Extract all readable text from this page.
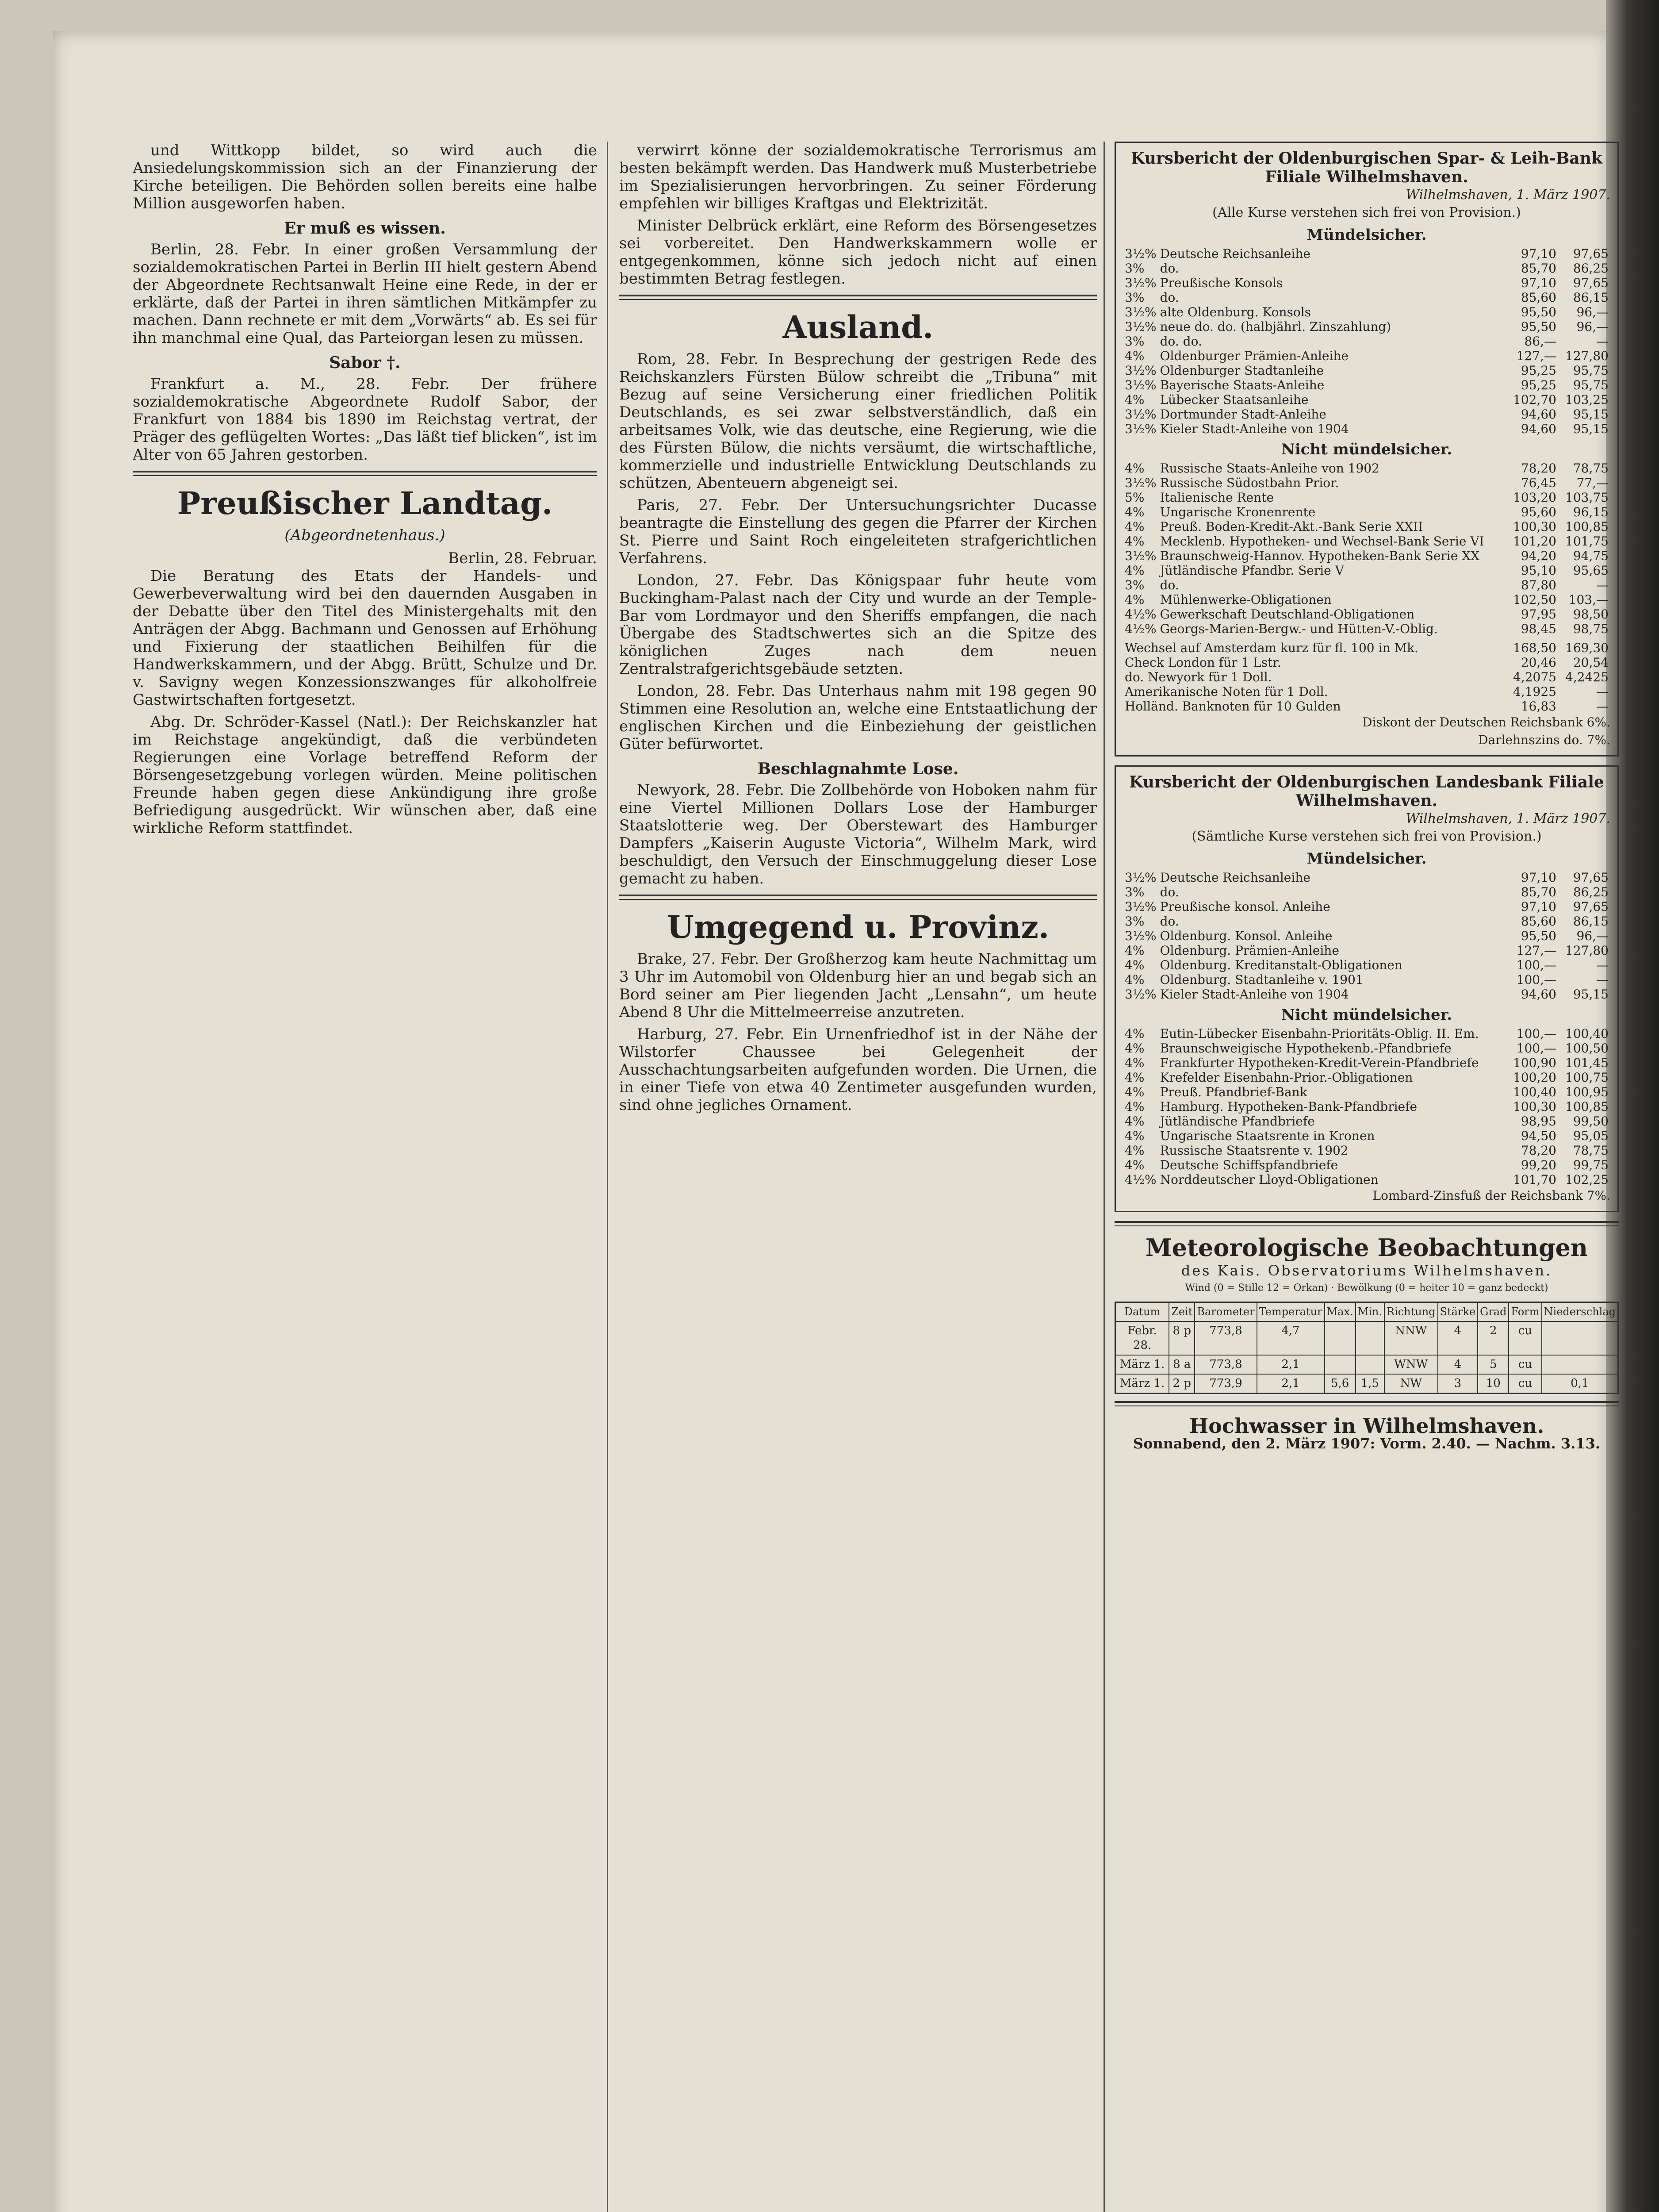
und Wittkopp bildet, so wird auch die Ansiedelungskommission sich an der Finanzierung der Kirche beteiligen. Die Behörden sollen bereits eine halbe Million ausgeworfen haben.

Er muß es wissen.

Berlin, 28. Febr. In einer großen Versammlung der sozialdemokratischen Partei in Berlin III hielt gestern Abend der Abgeordnete Rechtsanwalt Heine eine Rede, in der er erklärte, daß der Partei in ihren sämtlichen Mitkämpfer zu machen. Dann rechnete er mit dem „Vorwärts“ ab. Es sei für ihn manchmal eine Qual, das Parteiorgan lesen zu müssen.

Sabor †.

Frankfurt a. M., 28. Febr. Der frühere sozialdemokratische Abgeordnete Rudolf Sabor, der Frankfurt von 1884 bis 1890 im Reichstag vertrat, der Präger des geflügelten Wortes: „Das läßt tief blicken“, ist im Alter von 65 Jahren gestorben.

Preußischer Landtag.
(Abgeordnetenhaus.)
Berlin, 28. Februar.

Die Beratung des Etats der Handels- und Gewerbeverwaltung wird bei den dauernden Ausgaben in der Debatte über den Titel des Ministergehalts mit den Anträgen der Abgg. Bachmann und Genossen auf Erhöhung und Fixierung der staatlichen Beihilfen für die Handwerkskammern, und der Abgg. Brütt, Schulze und Dr. v. Savigny wegen Konzessionszwanges für alkoholfreie Gastwirtschaften fortgesetzt.

Abg. Dr. Schröder-Kassel (Natl.): Der Reichskanzler hat im Reichstage angekündigt, daß die verbündeten Regierungen eine Vorlage betreffend Reform der Börsengesetzgebung vorlegen würden. Meine politischen Freunde haben gegen diese Ankündigung ihre große Befriedigung ausgedrückt. Wir wünschen aber, daß eine wirkliche Reform stattfindet.

verwirrt könne der sozialdemokratische Terrorismus am besten bekämpft werden. Das Handwerk muß Musterbetriebe im Spezialisierungen hervorbringen. Zu seiner Förderung empfehlen wir billiges Kraftgas und Elektrizität.

Minister Delbrück erklärt, eine Reform des Börsengesetzes sei vorbereitet. Den Handwerkskammern wolle er entgegenkommen, könne sich jedoch nicht auf einen bestimmten Betrag festlegen.

Ausland.

Rom, 28. Febr. In Besprechung der gestrigen Rede des Reichskanzlers Fürsten Bülow schreibt die „Tribuna“ mit Bezug auf seine Versicherung einer friedlichen Politik Deutschlands, es sei zwar selbstverständlich, daß ein arbeitsames Volk, wie das deutsche, eine Regierung, wie die des Fürsten Bülow, die nichts versäumt, die wirtschaftliche, kommerzielle und industrielle Entwicklung Deutschlands zu schützen, Abenteuern abgeneigt sei.

Paris, 27. Febr. Der Untersuchungsrichter Ducasse beantragte die Einstellung des gegen die Pfarrer der Kirchen St. Pierre und Saint Roch eingeleiteten strafgerichtlichen Verfahrens.

London, 27. Febr. Das Königspaar fuhr heute vom Buckingham-Palast nach der City und wurde an der Temple-Bar vom Lordmayor und den Sheriffs empfangen, die nach Übergabe des Stadtschwertes sich an die Spitze des königlichen Zuges nach dem neuen Zentralstrafgerichtsgebäude setzten.

London, 28. Febr. Das Unterhaus nahm mit 198 gegen 90 Stimmen eine Resolution an, welche eine Entstaatlichung der englischen Kirchen und die Einbeziehung der geistlichen Güter befürwortet.

Beschlagnahmte Lose.

Newyork, 28. Febr. Die Zollbehörde von Hoboken nahm für eine Viertel Millionen Dollars Lose der Hamburger Staatslotterie weg. Der Oberstewart des Hamburger Dampfers „Kaiserin Auguste Victoria“, Wilhelm Mark, wird beschuldigt, den Versuch der Einschmuggelung dieser Lose gemacht zu haben.

Umgegend u. Provinz.

Brake, 27. Febr. Der Großherzog kam heute Nachmittag um 3 Uhr im Automobil von Oldenburg hier an und begab sich an Bord seiner am Pier liegenden Jacht „Lensahn“, um heute Abend 8 Uhr die Mittelmeerreise anzutreten.

Harburg, 27. Febr. Ein Urnenfriedhof ist in der Nähe der Wilstorfer Chaussee bei Gelegenheit der Ausschachtungsarbeiten aufgefunden worden. Die Urnen, die in einer Tiefe von etwa 40 Zentimeter ausgefunden wurden, sind ohne jegliches Ornament.

Kursbericht der Oldenburgischen Spar- & Leih-Bank Filiale Wilhelmshaven.
Wilhelmshaven, 1. März 1907.
(Alle Kurse verstehen sich frei von Provision.)
Mündelsicher.
3½%	Deutsche Reichsanleihe	97,10	97,65
3%	do.	85,70	86,25
3½%	Preußische Konsols	97,10	97,65
3%	do.	85,60	86,15
3½%	alte Oldenburg. Konsols	95,50	96,—
3½%	neue do. do. (halbjährl. Zinszahlung)	95,50	96,—
3%	do. do.	86,—	—
4%	Oldenburger Prämien-Anleihe	127,—	127,80
3½%	Oldenburger Stadtanleihe	95,25	95,75
3½%	Bayerische Staats-Anleihe	95,25	95,75
4%	Lübecker Staatsanleihe	102,70	103,25
3½%	Dortmunder Stadt-Anleihe	94,60	95,15
3½%	Kieler Stadt-Anleihe von 1904	94,60	95,15
Nicht mündelsicher.
4%	Russische Staats-Anleihe von 1902	78,20	78,75
3½%	Russische Südostbahn Prior.	76,45	77,—
5%	Italienische Rente	103,20	103,75
4%	Ungarische Kronenrente	95,60	96,15
4%	Preuß. Boden-Kredit-Akt.-Bank Serie XXII	100,30	100,85
4%	Mecklenb. Hypotheken- und Wechsel-Bank Serie VI	101,20	101,75
3½%	Braunschweig-Hannov. Hypotheken-Bank Serie XX	94,20	94,75
4%	Jütländische Pfandbr. Serie V	95,10	95,65
3%	do.	87,80	—
4%	Mühlenwerke-Obligationen	102,50	103,—
4½%	Gewerkschaft Deutschland-Obligationen	97,95	98,50
4½%	Georgs-Marien-Bergw.- und Hütten-V.-Oblig.	98,45	98,75
Wechsel auf Amsterdam kurz für fl. 100 in Mk.	168,50	169,30
Check London für 1 Lstr.	20,46	20,54
do. Newyork für 1 Doll.	4,2075	4,2425
Amerikanische Noten für 1 Doll.	4,1925	—
Holländ. Banknoten für 10 Gulden	16,83	—
Diskont der Deutschen Reichsbank 6%.
Darlehnszins do. 7%.
Kursbericht der Oldenburgischen Landesbank Filiale Wilhelmshaven.
Wilhelmshaven, 1. März 1907.
(Sämtliche Kurse verstehen sich frei von Provision.)
Mündelsicher.
3½%	Deutsche Reichsanleihe	97,10	97,65
3%	do.	85,70	86,25
3½%	Preußische konsol. Anleihe	97,10	97,65
3%	do.	85,60	86,15
3½%	Oldenburg. Konsol. Anleihe	95,50	96,—
4%	Oldenburg. Prämien-Anleihe	127,—	127,80
4%	Oldenburg. Kreditanstalt-Obligationen	100,—	—
4%	Oldenburg. Stadtanleihe v. 1901	100,—	—
3½%	Kieler Stadt-Anleihe von 1904	94,60	95,15
Nicht mündelsicher.
4%	Eutin-Lübecker Eisenbahn-Prioritäts-Oblig. II. Em.	100,—	100,40
4%	Braunschweigische Hypothekenb.-Pfandbriefe	100,—	100,50
4%	Frankfurter Hypotheken-Kredit-Verein-Pfandbriefe	100,90	101,45
4%	Krefelder Eisenbahn-Prior.-Obligationen	100,20	100,75
4%	Preuß. Pfandbrief-Bank	100,40	100,95
4%	Hamburg. Hypotheken-Bank-Pfandbriefe	100,30	100,85
4%	Jütländische Pfandbriefe	98,95	99,50
4%	Ungarische Staatsrente in Kronen	94,50	95,05
4%	Russische Staatsrente v. 1902	78,20	78,75
4%	Deutsche Schiffspfandbriefe	99,20	99,75
4½%	Norddeutscher Lloyd-Obligationen	101,70	102,25
Lombard-Zinsfuß der Reichsbank 7%.
Meteorologische Beobachtungen
des Kais. Observatoriums Wilhelmshaven.
Wind (0 = Stille 12 = Orkan) · Bewölkung (0 = heiter 10 = ganz bedeckt)
Datum	Zeit	Barometer	Temperatur	Max.	Min.	Richtung	Stärke	Grad	Form	Niederschlag
Febr. 28.	8 p	773,8	4,7			NNW	4	2	cu	
März 1.	8 a	773,8	2,1			WNW	4	5	cu	
März 1.	2 p	773,9	2,1	5,6	1,5	NW	3	10	cu	0,1
Hochwasser in Wilhelmshaven.
Sonnabend, den 2. März 1907: Vorm. 2.40. — Nachm. 3.13.
